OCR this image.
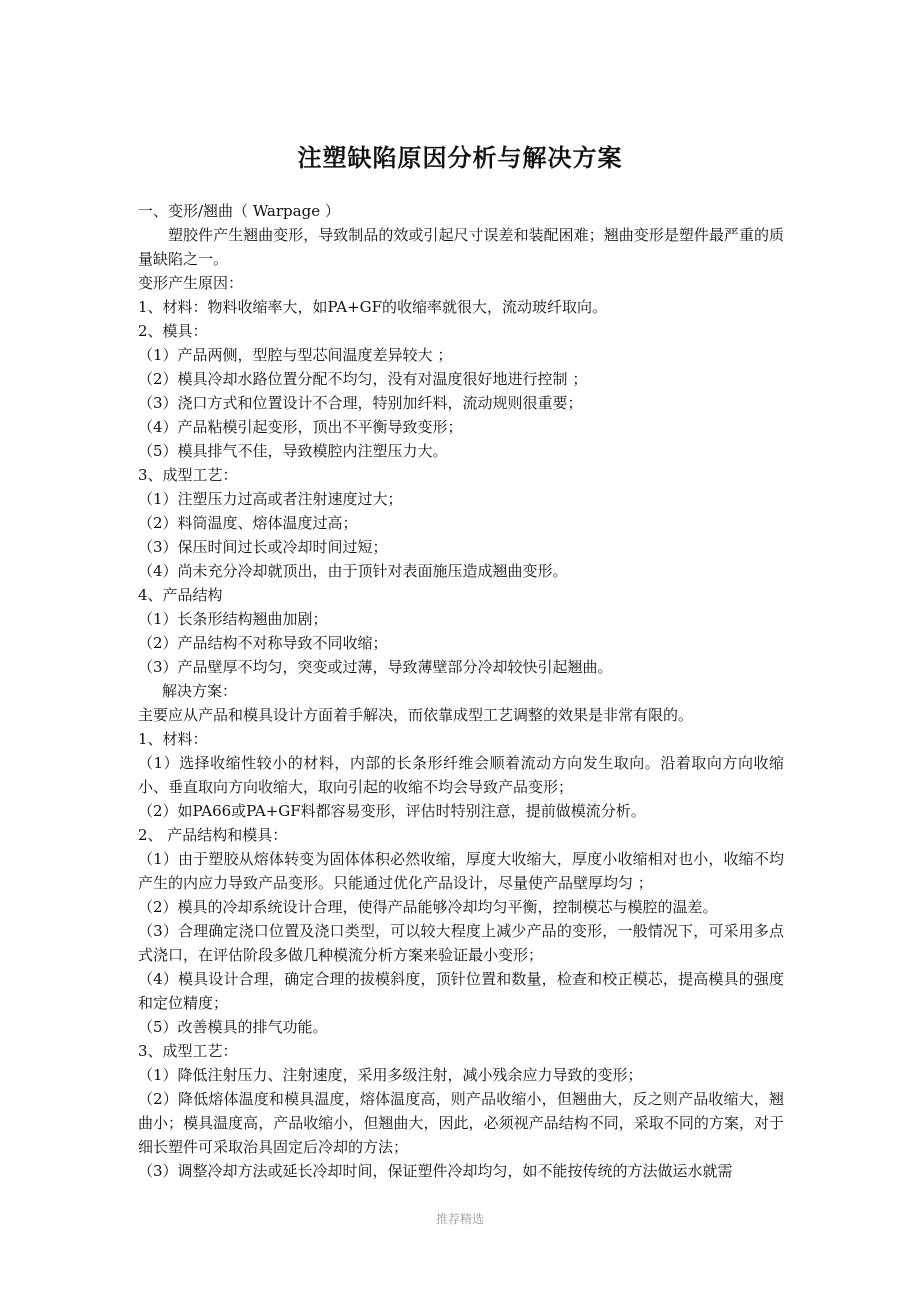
注塑缺陷原因分析与解决方案

一、变形/翘曲（ Warpage ）

塑胶件产生翘曲变形，导致制品的效或引起尺寸误差和装配困难；翘曲变形是塑件最严重的质量缺陷之一。

变形产生原因：

1、材料：物料收缩率大，如PA+GF的收缩率就很大，流动玻纤取向。

2、模具：

（1）产品两侧，型腔与型芯间温度差异较大 ；

（2）模具冷却水路位置分配不均匀，没有对温度很好地进行控制 ；

（3）浇口方式和位置设计不合理，特别加纤料，流动规则很重要；

（4）产品粘模引起变形，顶出不平衡导致变形；

（5）模具排气不佳，导致模腔内注塑压力大。

3、成型工艺：

（1）注塑压力过高或者注射速度过大；

（2）料筒温度、熔体温度过高；

（3）保压时间过长或冷却时间过短；

（4）尚未充分冷却就顶出，由于顶针对表面施压造成翘曲变形。

4、产品结构

（1）长条形结构翘曲加剧；

（2）产品结构不对称导致不同收缩；

（3）产品壁厚不均匀，突变或过薄，导致薄壁部分冷却较快引起翘曲。

解决方案：

主要应从产品和模具设计方面着手解决，而依靠成型工艺调整的效果是非常有限的。

1、材料：

（1）选择收缩性较小的材料，内部的长条形纤维会顺着流动方向发生取向。沿着取向方向收缩小、垂直取向方向收缩大，取向引起的收缩不均会导致产品变形；

（2）如PA66或PA+GF料都容易变形，评估时特别注意，提前做模流分析。

2、 产品结构和模具：

（1）由于塑胶从熔体转变为固体体积必然收缩，厚度大收缩大，厚度小收缩相对也小，收缩不均产生的内应力导致产品变形。只能通过优化产品设计，尽量使产品壁厚均匀 ；

（2）模具的冷却系统设计合理，使得产品能够冷却均匀平衡，控制模芯与模腔的温差。

（3）合理确定浇口位置及浇口类型，可以较大程度上减少产品的变形，一般情况下，可采用多点式浇口，在评估阶段多做几种模流分析方案来验证最小变形；

（4）模具设计合理，确定合理的拔模斜度，顶针位置和数量，检查和校正模芯，提高模具的强度和定位精度；

（5）改善模具的排气功能。

3、成型工艺：

（1）降低注射压力、注射速度，采用多级注射，减小残余应力导致的变形；

（2）降低熔体温度和模具温度，熔体温度高，则产品收缩小，但翘曲大，反之则产品收缩大，翘曲小；模具温度高，产品收缩小，但翘曲大，因此，必须视产品结构不同，采取不同的方案，对于细长塑件可采取治具固定后冷却的方法；

（3）调整冷却方法或延长冷却时间，保证塑件冷却均匀，如不能按传统的方法做运水就需

推荐精选
